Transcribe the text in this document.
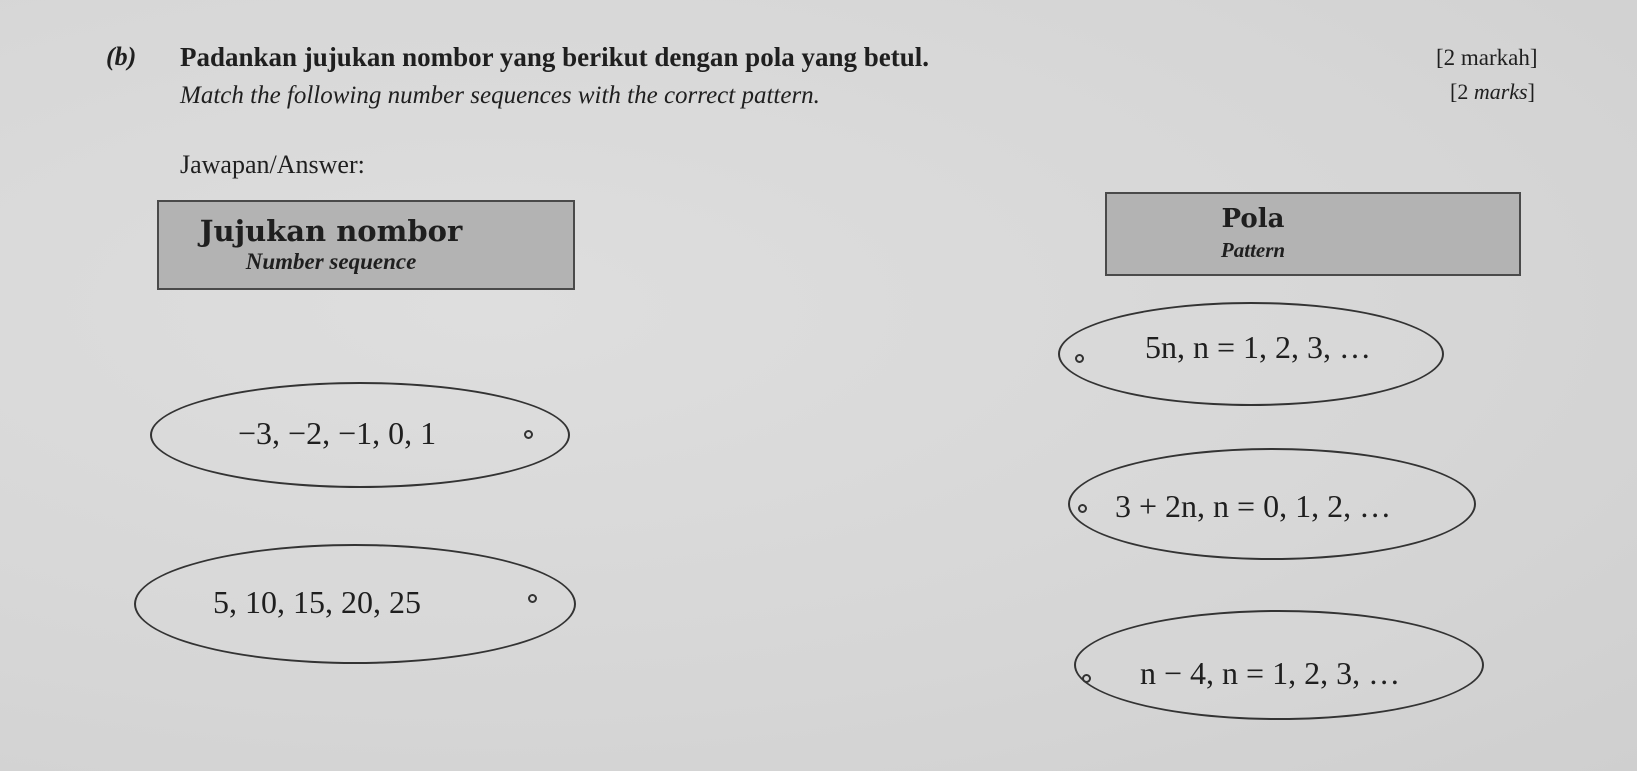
(b) Padankan jujukan nombor yang berikut dengan pola yang betul.
Match the following number sequences with the correct pattern.
[2 markah]
[2 marks]
Jawapan/Answer:
Jujukan nombor
Number sequence
Pola
Pattern
−3, −2, −1, 0, 1
5, 10, 15, 20, 25
5n, n = 1, 2, 3, …
3 + 2n, n = 0, 1, 2, …
n − 4, n = 1, 2, 3, …
